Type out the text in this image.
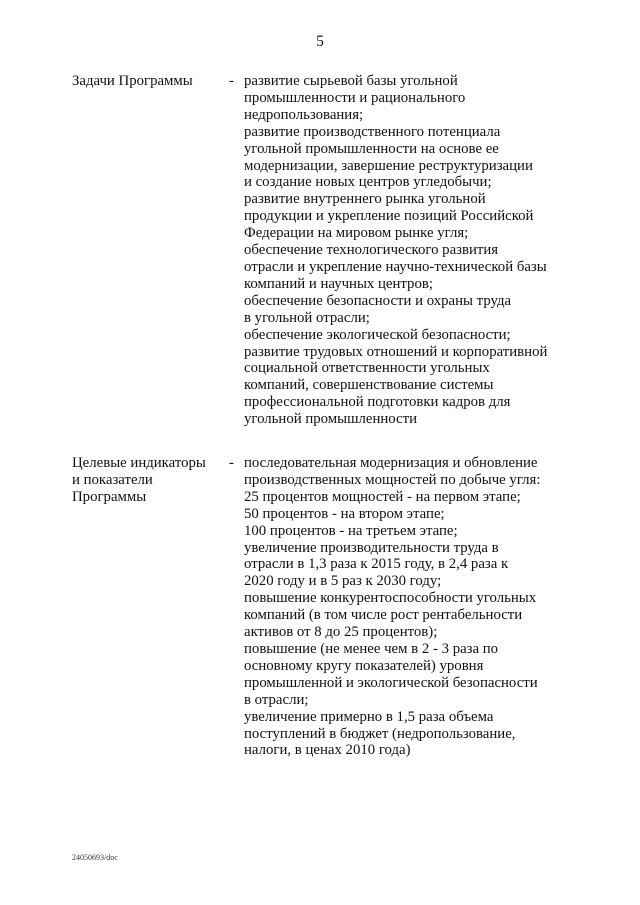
5
Задачи Программы	- развитие сырьевой базы угольной
промышленности и рационального
недропользования;
развитие производственного потенциала
угольной промышленности на основе ее
модернизации, завершение реструктуризации
и создание новых центров угледобычи;
развитие внутреннего рынка угольной
продукции и укрепление позиций Российской
Федерации на мировом рынке угля;
обеспечение технологического развития
отрасли и укрепление научно-технической базы
компаний и научных центров;
обеспечение безопасности и охраны труда
в угольной отрасли;
обеспечение экологической безопасности;
развитие трудовых отношений и корпоративной
социальной ответственности угольных
компаний, совершенствование системы
профессиональной подготовки кадров для
угольной промышленности
Целевые индикаторы
и показатели
Программы
- последовательная модернизация и обновление
производственных мощностей по добыче угля:
25 процентов мощностей - на первом этапе;
50 процентов - на втором этапе;
100 процентов - на третьем этапе;
увеличение производительности труда в
отрасли в 1,3 раза к 2015 году, в 2,4 раза к
2020 году и в 5 раз к 2030 году;
повышение конкурентоспособности угольных
компаний (в том числе рост рентабельности
активов от 8 до 25 процентов);
повышение (не менее чем в 2 - 3 раза по
основному кругу показателей) уровня
промышленной и экологической безопасности
в отрасли;
увеличение примерно в 1,5 раза объема
поступлений в бюджет (недропользование,
налоги, в ценах 2010 года)
24050693/doc
